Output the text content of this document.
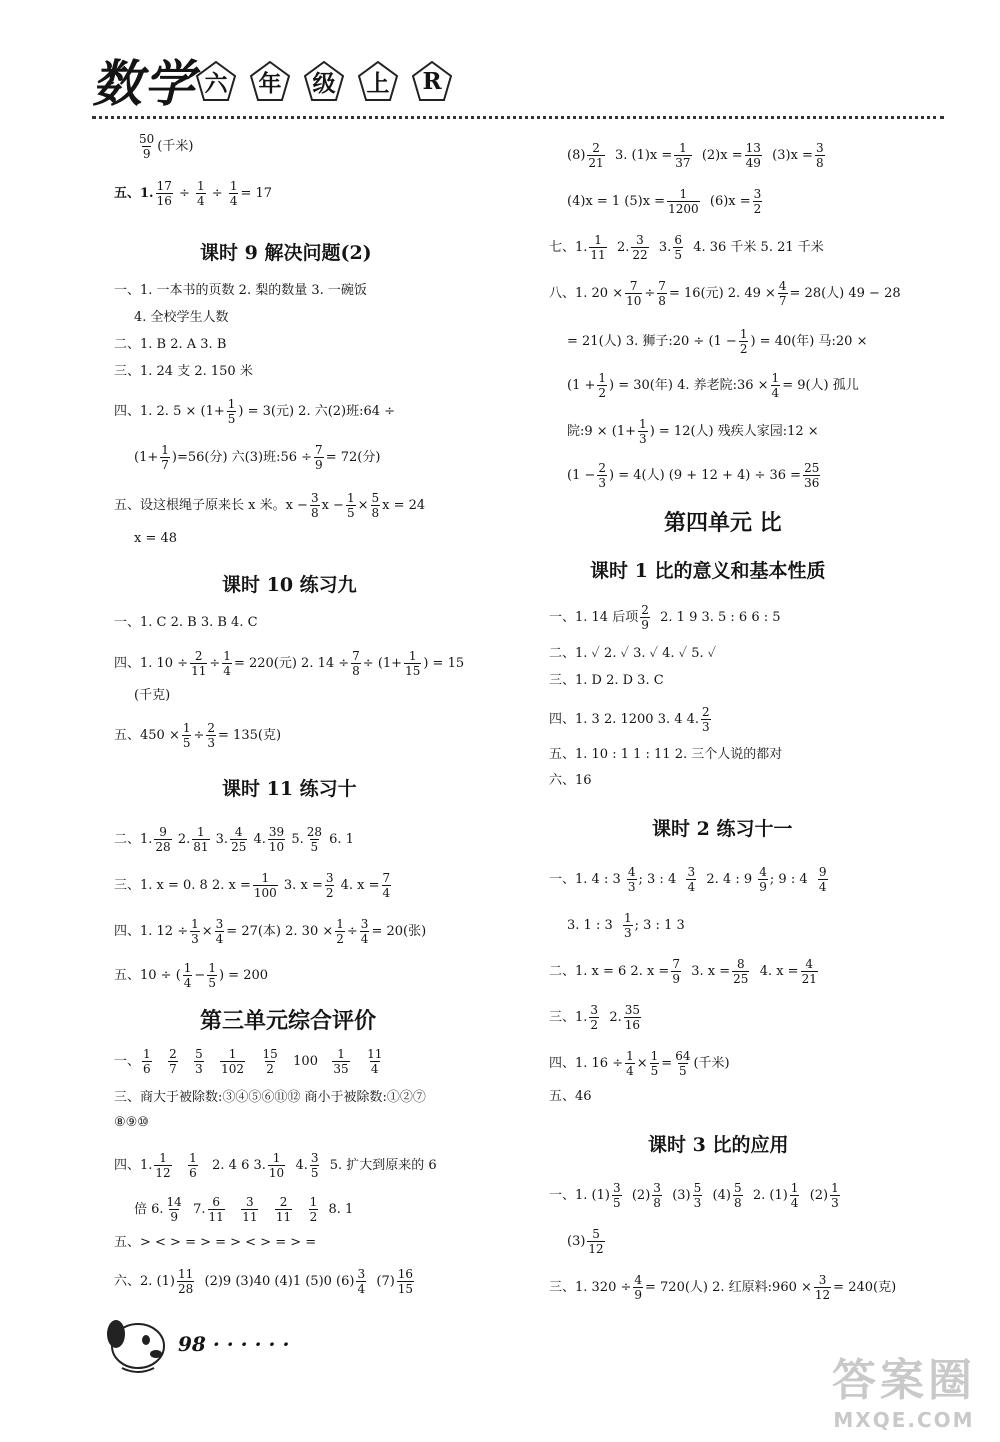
数学 六 年 级 上 R
$\frac{50}{9}$ (千米)
五、1. $\frac{17}{16} \div \frac{1}{4} \div \frac{1}{4} = 17$
课时 9 解决问题(2)
一、1. 一本书的页数 2. 梨的数量 3. 一碗饭
4. 全校学生人数
二、1. B 2. A 3. B
三、1. 24 支 2. 150 米
四、1. 2. $5 \times (1+ \frac{1}{5}$ ) = 3(元) 2. 六(2)班:64 ÷
$(1+ \frac{1}{7} )=56$(分) 六(3)班:56 ÷ $\frac{7}{9} = 72$(分)
五、设这根绳子原来长 x 米。$x - \frac{3}{8}$ $x - \frac{1}{5} \times \frac{5}{8}$ x = 24
x = 48
课时 10 练习九
一、1. C 2. B 3. B 4. C
四、1. $10 \div \frac{2}{11} \div \frac{1}{4} = 220$(元) 2. $14 \div \frac{7}{8} \div (1+ \frac{1}{15}$ ) = 15
(千克)
五、$450 \times \frac{1}{5} \div \frac{2}{3} = 135$(克)
课时 11 练习十
二、1. $\frac{9}{28} 2$. $\frac{1}{81} 3$. $\frac{4}{25} 4$. $\frac{39}{10} 5$. $\frac{28}{5} 6$. 1
三、1. x = 0. 8 2. $x = \frac{1}{100} 3$. $x = \frac{3}{2} 4$. $x = \frac{7}{4}$
四、1. $12 \div \frac{1}{3} \times \frac{3}{4} = 27$(本) 2. $30 \times \frac{1}{2} \div \frac{3}{4} = 20$(张)
五、10 ÷ ( $\frac{1}{4} - \frac{1}{5}$ ) = 200
第三单元综合评价
一、 $\frac{1}{6}$
$\frac{2}{7}$
$\frac{5}{3}$
$\frac{1}{102}$
$\frac{15}{2} 100 \frac{1}{35}$
$\frac{11}{4}$
三、商大于被除数:③④⑤⑥⑪⑫ 商小于被除数:①②⑦
⑧⑨⑩
四、1. $\frac{1}{12}$
$\frac{1}{6} 2$. 4 6 3. $\frac{1}{10} 4$. $\frac{3}{5} 5$. 扩大到原来的 6
倍 6. $\frac{14}{9} 7$. $\frac{6}{11}$
$\frac{3}{11}$
$\frac{2}{11}$
$\frac{1}{2} 8$. 1
五、> < > = > = > < > = > =
六、2. $(1) \frac{11}{28} (2)9$ (3)40 (4)1 (5)0 $(6) \frac{3}{4} (7) \frac{16}{15}$
$(8) \frac{2}{21} 3$. $(1)x = \frac{1}{37} (2)x = \frac{13}{49} (3)x = \frac{3}{8}$
(4)x = 1 $(5)x = \frac{1}{1200} (6)x = \frac{3}{2}$
七、1. $\frac{1}{11} 2$. $\frac{3}{22} 3$. $\frac{6}{5} 4$. 36 千米 5. 21 千米
八、1. $20 \times \frac{7}{10} \div \frac{7}{8} = 16$(元) 2. $49 \times \frac{4}{7} = 28$(人) 49 − 28
= 21(人) 3. 狮子:20 ÷ ($1 - \frac{1}{2}$ ) = 40(年) 马:20 ×
($1 + \frac{1}{2}$ ) = 30(年) 4. 养老院:36 × $\frac{1}{4} = 9$(人) 孤儿
院:9 × ($1+ \frac{1}{3}$ ) = 12(人) 残疾人家园:12 ×
($1 - \frac{2}{3}$ ) = 4(人) $(9 + 12 + 4) \div 36 = \frac{25}{36}$
第四单元 比
课时 1 比的意义和基本性质
一、1. 14 后项 $\frac{2}{9} 2$. 1 9 3. 5 : 6 6 : 5
二、1. ✓ 2. ✓ 3. ✓ 4. ✓ 5. ✓
三、1. D 2. D 3. C
四、1. 3 2. 1200 3. 4 4. $\frac{2}{3}$
五、1. 10 : 1 1 : 11 2. 三个人说的都对
六、16
课时 2 练习十一
一、1. 4 : $3 \frac{4}{3}$ ; 3 : $4 \frac{3}{4} 2$. 4 : $9 \frac{4}{9}$ ; 9 : $4 \frac{9}{4}$
3. 1 : $3 \frac{1}{3}$ ; 3 : 1 3
二、1. x = 6 2. $x = \frac{7}{9} 3$. $x = \frac{8}{25} 4$. $x = \frac{4}{21}$
三、1. $\frac{3}{2} 2$. $\frac{35}{16}$
四、1. $16 \div \frac{1}{4} \times \frac{1}{5} = \frac{64}{5}$ (千米)
五、46
课时 3 比的应用
一、1. $(1) \frac{3}{5} (2) \frac{3}{8} (3) \frac{5}{3} (4) \frac{5}{8} 2$. $(1) \frac{1}{4} (2) \frac{1}{3}$
$(3) \frac{5}{12}$
三、1. $320 \div \frac{4}{9} = 720$(人) 2. 红原料:960 × $\frac{3}{12} = 240$(克)
98 · · · · · ·
答案圈
MXQE.COM
